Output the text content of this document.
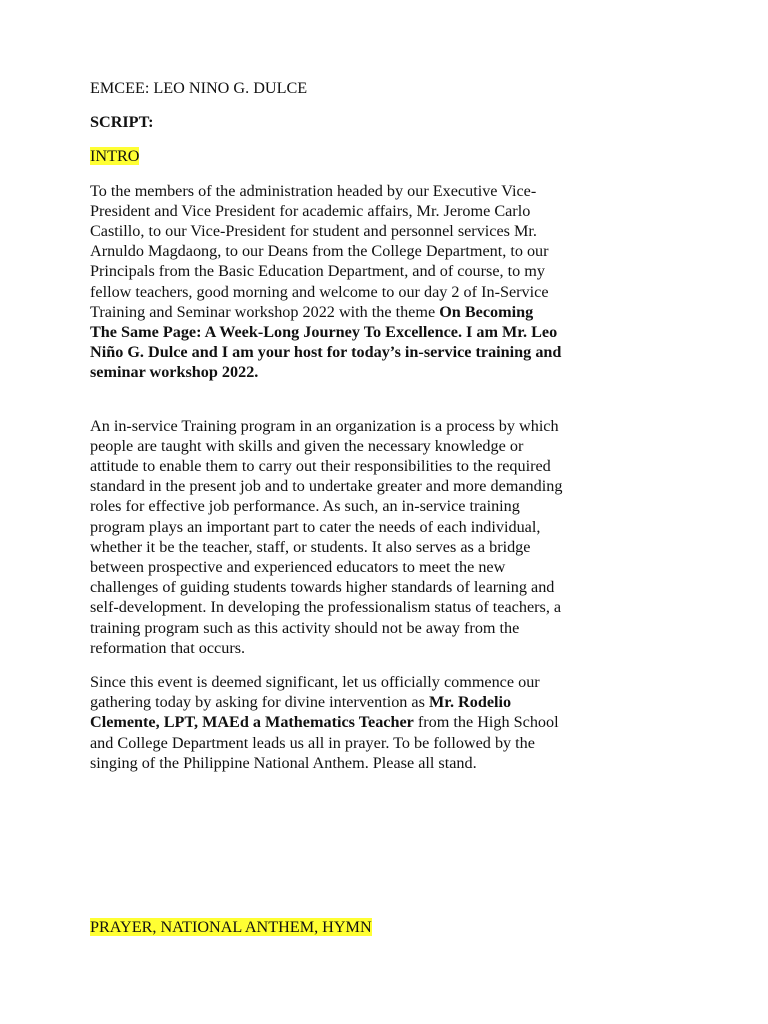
EMCEE: LEO NINO G. DULCE

SCRIPT:

INTRO

To the members of the administration headed by our Executive Vice-
President and Vice President for academic affairs, Mr. Jerome Carlo
Castillo, to our Vice-President for student and personnel services Mr.
Arnuldo Magdaong, to our Deans from the College Department, to our
Principals from the Basic Education Department, and of course, to my
fellow teachers, good morning and welcome to our day 2 of In-Service
Training and Seminar workshop 2022 with the theme On Becoming
The Same Page: A Week-Long Journey To Excellence. I am Mr. Leo
Niño G. Dulce and I am your host for today’s in-service training and
seminar workshop 2022.
An in-service Training program in an organization is a process by which
people are taught with skills and given the necessary knowledge or
attitude to enable them to carry out their responsibilities to the required
standard in the present job and to undertake greater and more demanding
roles for effective job performance. As such, an in-service training
program plays an important part to cater the needs of each individual,
whether it be the teacher, staff, or students. It also serves as a bridge
between prospective and experienced educators to meet the new
challenges of guiding students towards higher standards of learning and
self-development. In developing the professionalism status of teachers, a
training program such as this activity should not be away from the
reformation that occurs.
Since this event is deemed significant, let us officially commence our
gathering today by asking for divine intervention as Mr. Rodelio
Clemente, LPT, MAEd a Mathematics Teacher from the High School
and College Department leads us all in prayer. To be followed by the
singing of the Philippine National Anthem. Please all stand.
PRAYER, NATIONAL ANTHEM, HYMN
